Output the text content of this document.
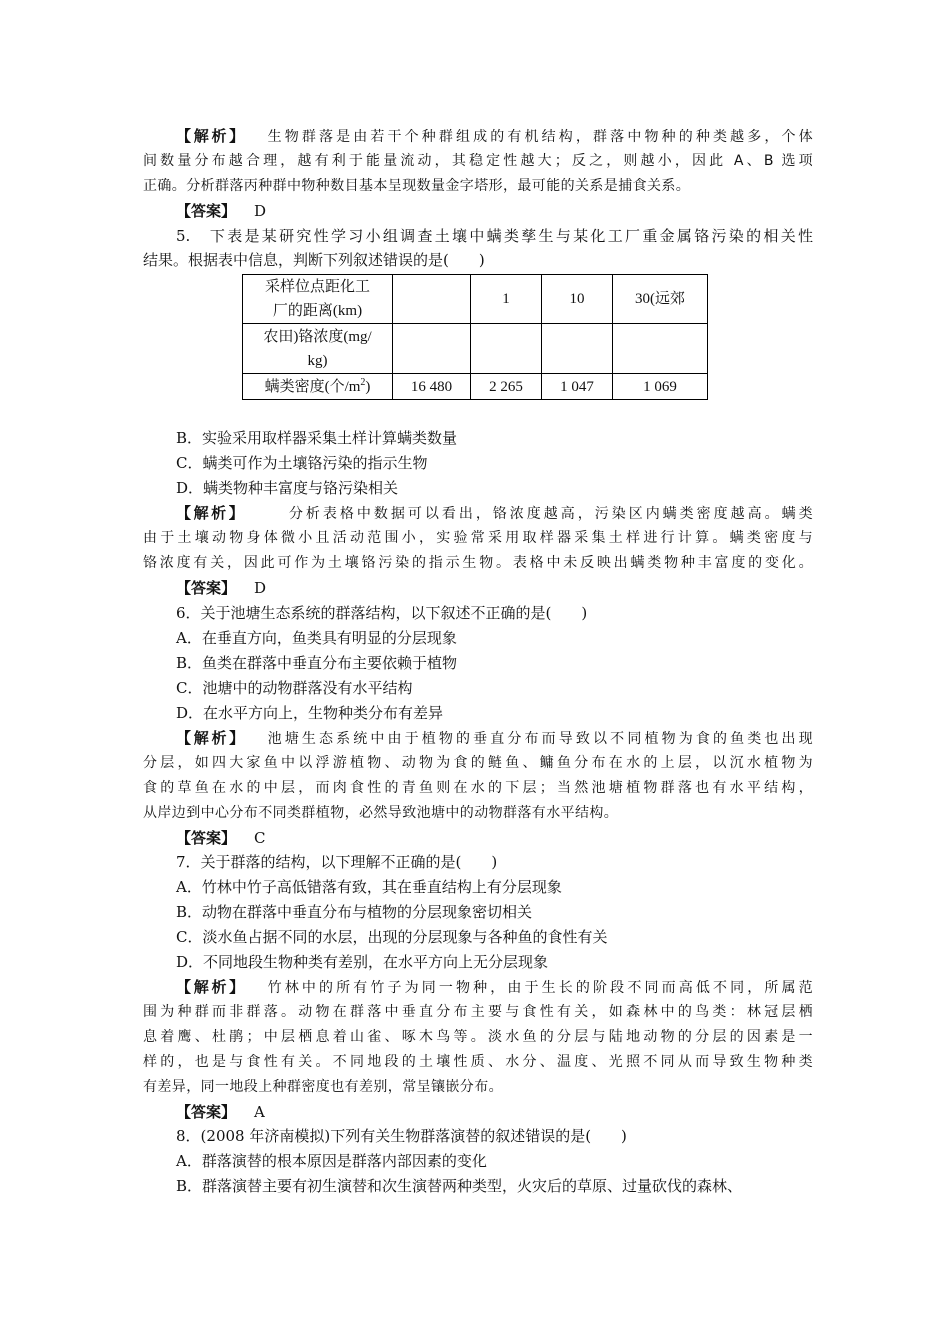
【解析】 生物群落是由若干个种群组成的有机结构，群落中物种的种类越多，个体
间数量分布越合理，越有利于能量流动，其稳定性越大；反之，则越小，因此 A、B 选项
正确。分析群落丙种群中物种数目基本呈现数量金字塔形，最可能的关系是捕食关系。
【答案】 D
5.　下表是某研究性学习小组调查土壤中螨类孳生与某化工厂重金属铬污染的相关性
结果。根据表中信息，判断下列叙述错误的是(　　)
采样位点距化工
厂的距离(km)		1	10	30(远郊
农田)铬浓度(mg/
kg)				
螨类密度(个$/m^2$)	16 480	2 265	1 047	1 069
B．实验采用取样器采集土样计算螨类数量
C．螨类可作为土壤铬污染的指示生物
D．螨类物种丰富度与铬污染相关
【解析】	分析表格中数据可以看出，铬浓度越高，污染区内螨类密度越高。螨类
由于土壤动物身体微小且活动范围小，实验常采用取样器采集土样进行计算。螨类密度与
铬浓度有关，因此可作为土壤铬污染的指示生物。表格中未反映出螨类物种丰富度的变化。
【答案】 D
6．关于池塘生态系统的群落结构，以下叙述不正确的是(　　)
A．在垂直方向，鱼类具有明显的分层现象
B．鱼类在群落中垂直分布主要依赖于植物
C．池塘中的动物群落没有水平结构
D．在水平方向上，生物种类分布有差异
【解析】 池塘生态系统中由于植物的垂直分布而导致以不同植物为食的鱼类也出现
分层，如四大家鱼中以浮游植物、动物为食的鲢鱼、鳙鱼分布在水的上层，以沉水植物为
食的草鱼在水的中层，而肉食性的青鱼则在水的下层；当然池塘植物群落也有水平结构，
从岸边到中心分布不同类群植物，必然导致池塘中的动物群落有水平结构。
【答案】 C
7．关于群落的结构，以下理解不正确的是(　　)
A．竹林中竹子高低错落有致，其在垂直结构上有分层现象
B．动物在群落中垂直分布与植物的分层现象密切相关
C．淡水鱼占据不同的水层，出现的分层现象与各种鱼的食性有关
D．不同地段生物种类有差别，在水平方向上无分层现象
【解析】 竹林中的所有竹子为同一物种，由于生长的阶段不同而高低不同，所属范
围为种群而非群落。动物在群落中垂直分布主要与食性有关，如森林中的鸟类：林冠层栖
息着鹰、杜鹃；中层栖息着山雀、啄木鸟等。淡水鱼的分层与陆地动物的分层的因素是一
样的，也是与食性有关。不同地段的土壤性质、水分、温度、光照不同从而导致生物种类
有差异，同一地段上种群密度也有差别，常呈镶嵌分布。
【答案】 A
8．(2008 年济南模拟)下列有关生物群落演替的叙述错误的是(　　)
A．群落演替的根本原因是群落内部因素的变化
B．群落演替主要有初生演替和次生演替两种类型，火灾后的草原、过量砍伐的森林、
